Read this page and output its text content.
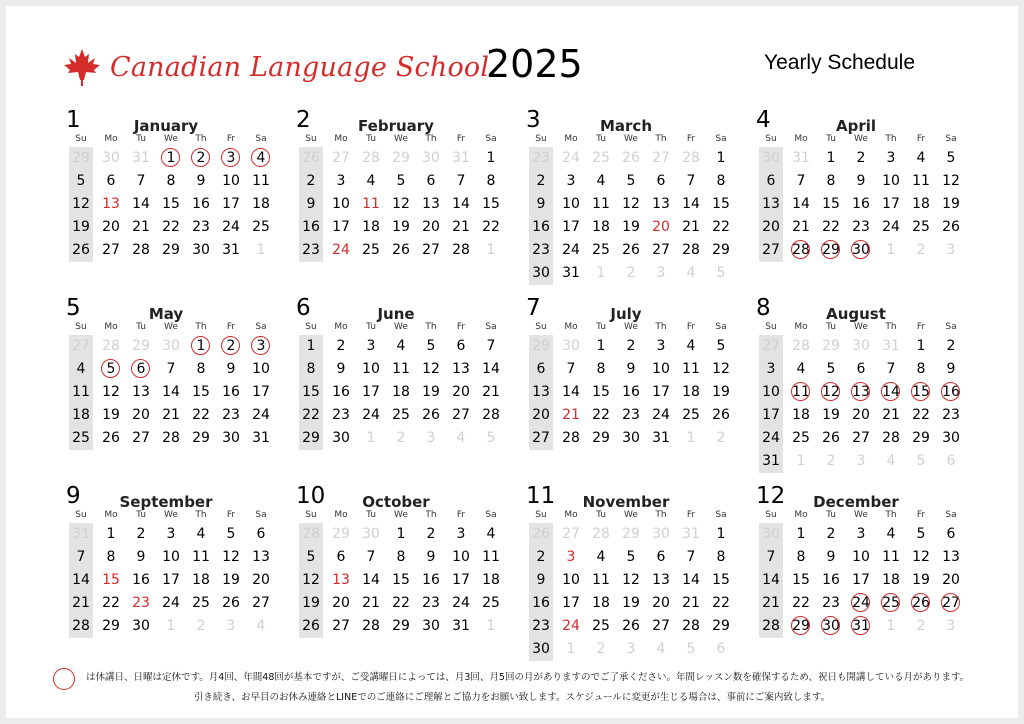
Canadian Language School
2025	Yearly Schedule
1	January
Su	Mo	Tu	We	Th	Fr	Sa
29 30 31	1	2	3	4
5	6	7	8	9	10 11
12 13 14 15 16 17 18
19 20 21 22 23 24 25
26 27 28 29 30 31	1
2	February
Su	Mo	Tu	We	Th	Fr	Sa
26 27 28 29 30 31	1
2	3	4	5	6	7	8
9	10 11 12 13 14 15
16 17 18 19 20 21 22
23 24 25 26 27 28	1
3	March
Su	Mo	Tu	We	Th	Fr	Sa
23 24 25 26 27 28	1
2	3	4	5	6	7	8
9	10 11 12 13 14 15
16 17 18 19 20 21 22
23 24 25 26 27 28 29
30 31	1	2	3	4	5
4	April
Su	Mo	Tu	We	Th	Fr	Sa
30 31	1	2	3	4	5
6	7	8	9	10 11 12
13 14 15 16 17 18 19
20 21 22 23 24 25 26
27 28 29 30	1	2	3
5	May
Su	Mo	Tu	We	Th	Fr	Sa
27 28 29 30	1	2	3
4	5	6	7	8	9	10
11 12 13 14 15 16 17
18 19 20 21 22 23 24
25 26 27 28 29 30 31
6	June
Su	Mo	Tu	We	Th	Fr	Sa
1	2	3	4	5	6	7
8	9	10 11 12 13 14
15 16 17 18 19 20 21
22 23 24 25 26 27 28
29 30	1	2	3	4	5
7	July
Su	Mo	Tu	We	Th	Fr	Sa
29 30	1	2	3	4	5
6	7	8	9	10 11 12
13 14 15 16 17 18 19
20 21 22 23 24 25 26
27 28 29 30 31	1	2
8	August
Su	Mo	Tu	We	Th	Fr	Sa
27 28 29 30 31	1	2
3	4	5	6	7	8	9
10 11 12 13 14 15 16
17 18 19 20 21 22 23
24 25 26 27 28 29 30
31	1	2	3	4	5	6
9	September
Su	Mo	Tu	We	Th	Fr	Sa
31	1	2	3	4	5	6
7	8	9	10 11 12 13
14 15 16 17 18 19 20
21 22 23 24 25 26 27
28 29 30	1	2	3	4
10	October
Su	Mo	Tu	We	Th	Fr	Sa
28 29 30	1	2	3	4
5	6	7	8	9	10 11
12 13 14 15 16 17 18
19 20 21 22 23 24 25
26 27 28 29 30 31	1
11	November
Su	Mo	Tu	We	Th	Fr	Sa
26 27 28 29 30 31	1
2	3	4	5	6	7	8
9	10 11 12 13 14 15
16 17 18 19 20 21 22
23 24 25 26 27 28 29
30	1	2	3	4	5	6
12	December
Su	Mo	Tu	We	Th	Fr	Sa
30	1	2	3	4	5	6
7	8	9	10 11 12 13
14 15 16 17 18 19 20
21 22 23 24 25 26 27
28 29 30 31	1	2	3
は休講日、日曜は定休です。月4回、年間48回が基本ですが、ご受講曜日によっては、月3回、月5回の月がありますのでご了承ください。年間レッスン数を確保するため、祝日も開講している月があります。
引き続き、お早目のお休み連絡とLINEでのご連絡にご理解とご協力をお願い致します。スケジュールに変更が生じる場合は、事前にご案内致します。
